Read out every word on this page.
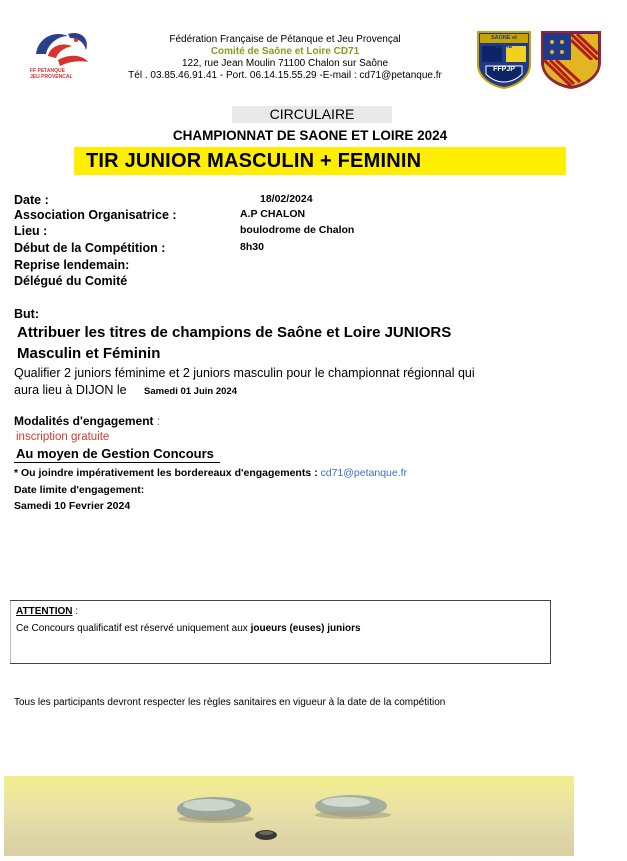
FF PETANQUE JEU PROVENCAL
Fédération Française de Pétanque et Jeu Provençal
Comité de Saône et Loire CD71
122, rue Jean Moulin 71100 Chalon sur Saône
Tél . 03.85.46.91.41 - Port. 06.14.15.55.29 -E-mail : cd71@petanque.fr
SAONE et LOIRE
FFPJP
CIRCULAIRE
CHAMPIONNAT DE SAONE ET LOIRE 2024
TIR JUNIOR MASCULIN + FEMININ
Date :	18/02/2024
Association Organisatrice :	A.P CHALON
Lieu :	boulodrome de Chalon
Début de la Compétition :	8h30
Reprise lendemain:
Délégué du Comité
But:
Attribuer les titres de champions de Saône et Loire JUNIORS
Masculin et Féminin
Qualifier 2 juniors féminime et 2 juniors masculin pour le championnat régionnal qui
aura lieu à DIJON le Samedi 01 Juin 2024
Modalités d'engagement :
inscription gratuite
Au moyen de Gestion Concours
* Ou joindre impérativement les bordereaux d'engagements : cd71@petanque.fr
Date limite d'engagement:
Samedi 10 Fevrier 2024
ATTENTION :
Ce Concours qualificatif est réservé uniquement aux joueurs (euses) juniors
Tous les participants devront respecter les règles sanitaires en vigueur à la date de la compétition
